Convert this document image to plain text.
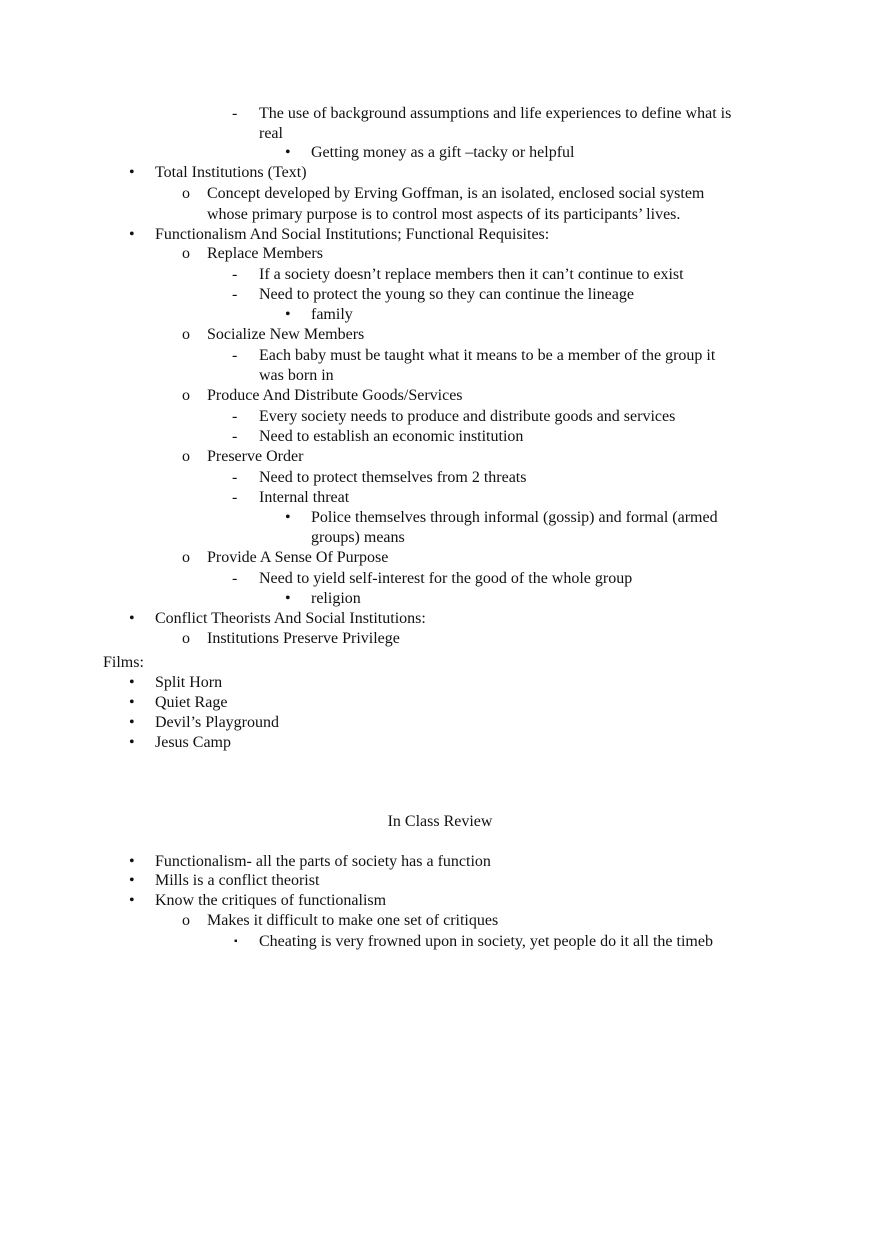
- The use of background assumptions and life experiences to define what is
real
• Getting money as a gift –tacky or helpful
• Total Institutions (Text)
o Concept developed by Erving Goffman, is an isolated, enclosed social system
whose primary purpose is to control most aspects of its participants’ lives.
• Functionalism And Social Institutions; Functional Requisites:
o Replace Members
- If a society doesn’t replace members then it can’t continue to exist
- Need to protect the young so they can continue the lineage
• family
o Socialize New Members
- Each baby must be taught what it means to be a member of the group it
was born in
o Produce And Distribute Goods/Services
- Every society needs to produce and distribute goods and services
- Need to establish an economic institution
o Preserve Order
- Need to protect themselves from 2 threats
- Internal threat
• Police themselves through informal (gossip) and formal (armed
groups) means
o Provide A Sense Of Purpose
- Need to yield self-interest for the good of the whole group
• religion
• Conflict Theorists And Social Institutions:
o Institutions Preserve Privilege
Films:
• Split Horn
• Quiet Rage
• Devil’s Playground
• Jesus Camp
In Class Review
• Functionalism- all the parts of society has a function
• Mills is a conflict theorist
• Know the critiques of functionalism
o Makes it difficult to make one set of critiques
▪ Cheating is very frowned upon in society, yet people do it all the timeb
